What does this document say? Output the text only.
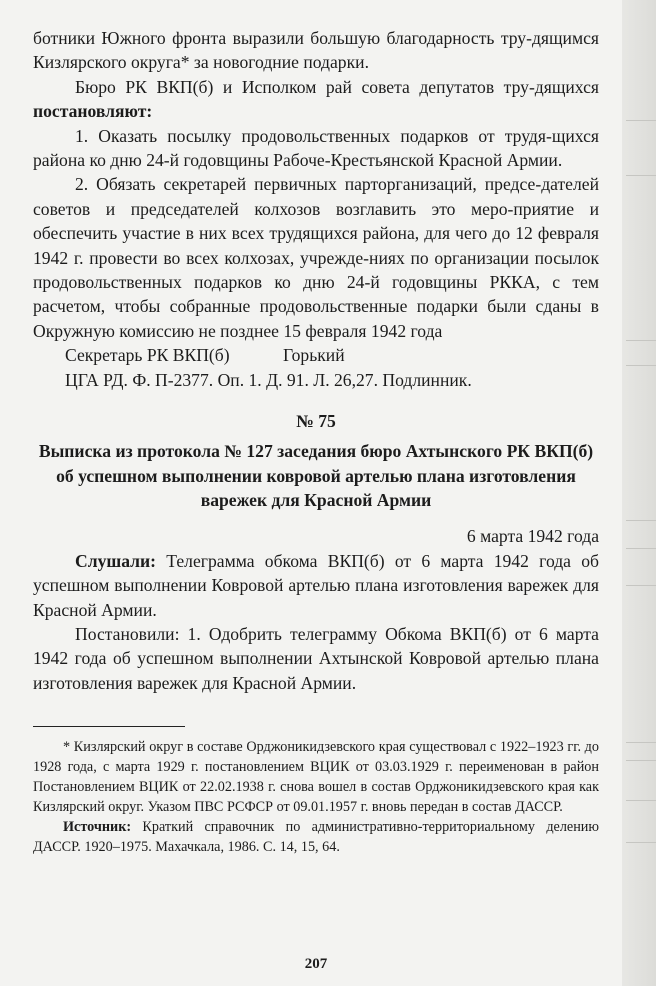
ботники Южного фронта выразили большую благодарность тру-дящимся Кизлярского округа* за новогодние подарки.

Бюро РК ВКП(б) и Исполком рай совета депутатов тру-дящихся постановляют:

1. Оказать посылку продовольственных подарков от трудя-щихся района ко дню 24-й годовщины Рабоче-Крестьянской Красной Армии.

2. Обязать секретарей первичных парторганизаций, предсе-дателей советов и председателей колхозов возглавить это меро-приятие и обеспечить участие в них всех трудящихся района, для чего до 12 февраля 1942 г. провести во всех колхозах, учрежде-ниях по организации посылок продовольственных подарков ко дню 24-й годовщины РККА, с тем расчетом, чтобы собранные продовольственные подарки были сданы в Окружную комиссию не позднее 15 февраля 1942 года

Секретарь РК ВКП(б)	Горький
ЦГА РД. Ф. П-2377. Оп. 1. Д. 91. Л. 26,27. Подлинник.
№ 75
Выписка из протокола № 127 заседания бюро Ахтынского РК ВКП(б) об успешном выполнении ковровой артелью плана изготовления варежек для Красной Армии
6 марта 1942 года

Слушали: Телеграмма обкома ВКП(б) от 6 марта 1942 года об успешном выполнении Ковровой артелью плана изготовления варежек для Красной Армии.

Постановили: 1. Одобрить телеграмму Обкома ВКП(б) от 6 марта 1942 года об успешном выполнении Ахтынской Ковровой артелью плана изготовления варежек для Красной Армии.

* Кизлярский округ в составе Орджоникидзевского края существовал с 1922–1923 гг. до 1928 года, с марта 1929 г. постановлением ВЦИК от 03.03.1929 г. переименован в район Постановлением ВЦИК от 22.02.1938 г. снова вошел в состав Орджоникидзевского края как Кизлярский округ. Указом ПВС РСФСР от 09.01.1957 г. вновь передан в состав ДАССР.

Источник: Краткий справочник по административно-территориальному делению ДАССР. 1920–1975. Махачкала, 1986. С. 14, 15, 64.

207
